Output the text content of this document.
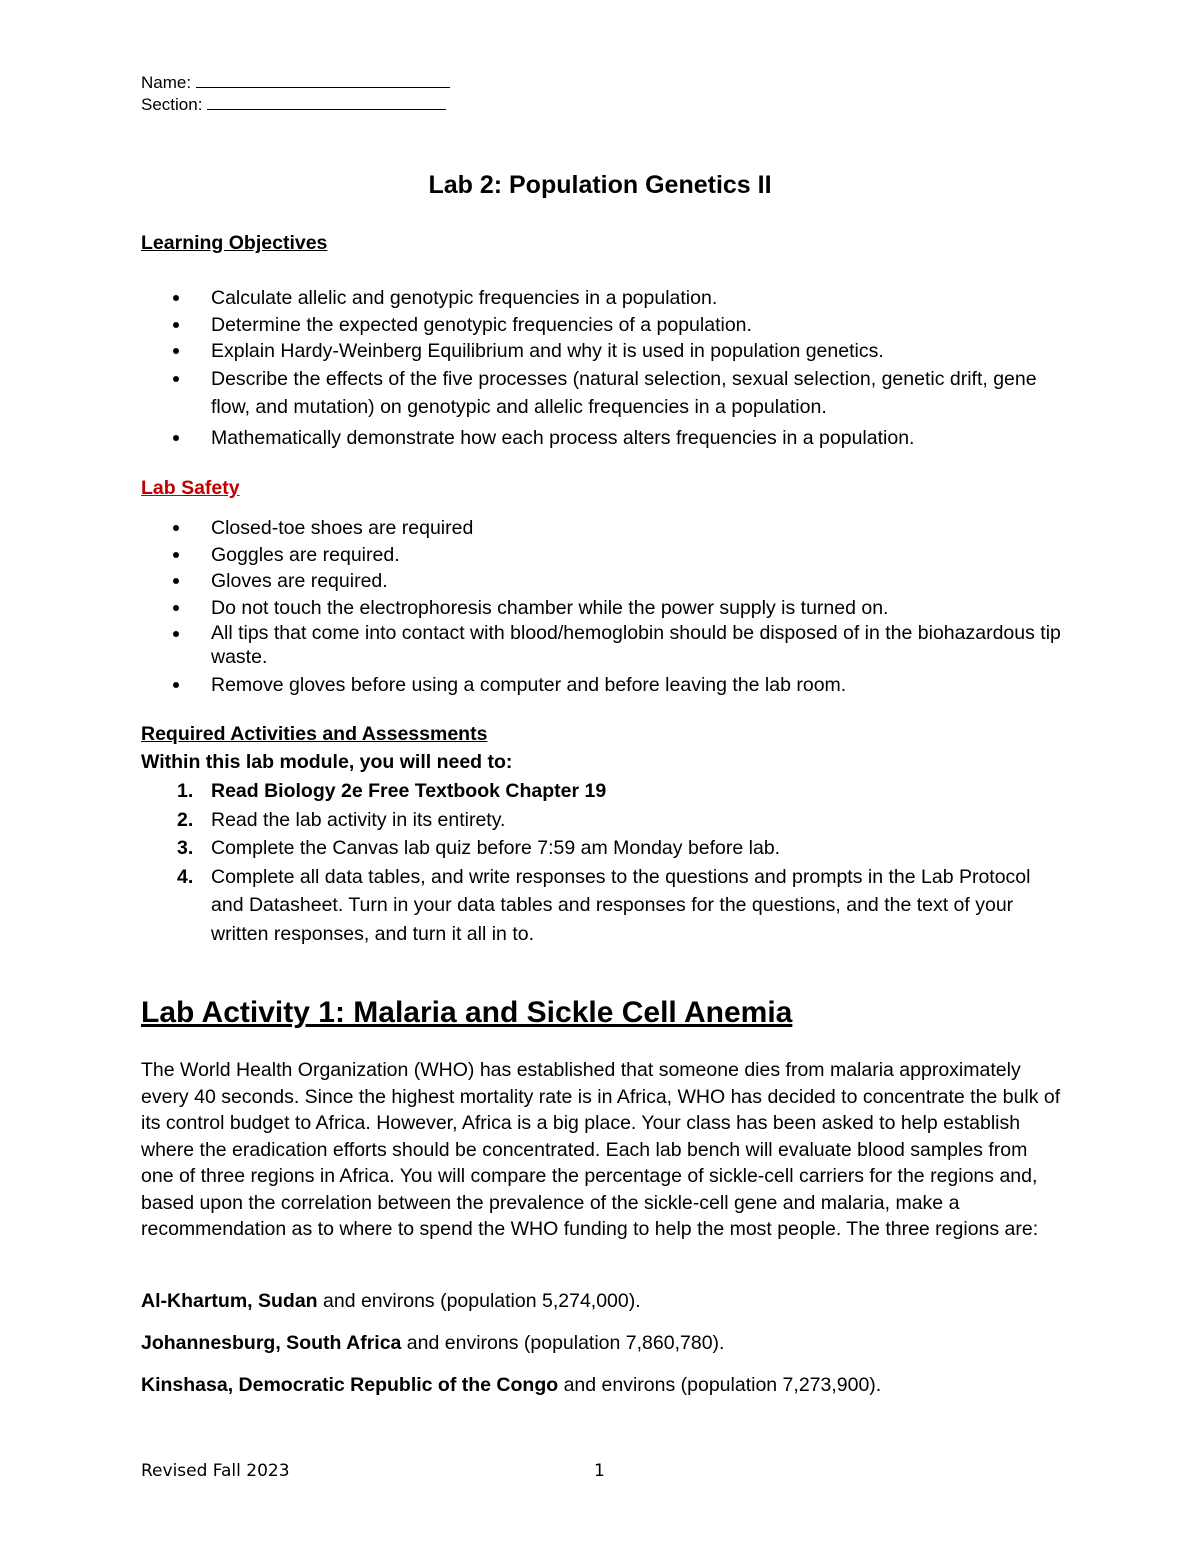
Name:
Section:
Lab 2: Population Genetics II
Learning Objectives
Calculate allelic and genotypic frequencies in a population.
Determine the expected genotypic frequencies of a population.
Explain Hardy-Weinberg Equilibrium and why it is used in population genetics.
Describe the effects of the five processes (natural selection, sexual selection, genetic drift, gene flow, and mutation) on genotypic and allelic frequencies in a population.
Mathematically demonstrate how each process alters frequencies in a population.
Lab Safety
Closed-toe shoes are required
Goggles are required.
Gloves are required.
Do not touch the electrophoresis chamber while the power supply is turned on.
All tips that come into contact with blood/hemoglobin should be disposed of in the biohazardous tip waste.
Remove gloves before using a computer and before leaving the lab room.
Required Activities and Assessments
Within this lab module, you will need to:
1. Read Biology 2e Free Textbook Chapter 19
2. Read the lab activity in its entirety.
3. Complete the Canvas lab quiz before 7:59 am Monday before lab.
4. Complete all data tables, and write responses to the questions and prompts in the Lab Protocol and Datasheet. Turn in your data tables and responses for the questions, and the text of your written responses, and turn it all in to.
Lab Activity 1: Malaria and Sickle Cell Anemia
The World Health Organization (WHO) has established that someone dies from malaria approximately every 40 seconds. Since the highest mortality rate is in Africa, WHO has decided to concentrate the bulk of its control budget to Africa. However, Africa is a big place. Your class has been asked to help establish where the eradication efforts should be concentrated. Each lab bench will evaluate blood samples from one of three regions in Africa. You will compare the percentage of sickle-cell carriers for the regions and, based upon the correlation between the prevalence of the sickle-cell gene and malaria, make a recommendation as to where to spend the WHO funding to help the most people. The three regions are:
Al-Khartum, Sudan and environs (population 5,274,000).
Johannesburg, South Africa and environs (population 7,860,780).
Kinshasa, Democratic Republic of the Congo and environs (population 7,273,900).
Revised Fall 2023	1
